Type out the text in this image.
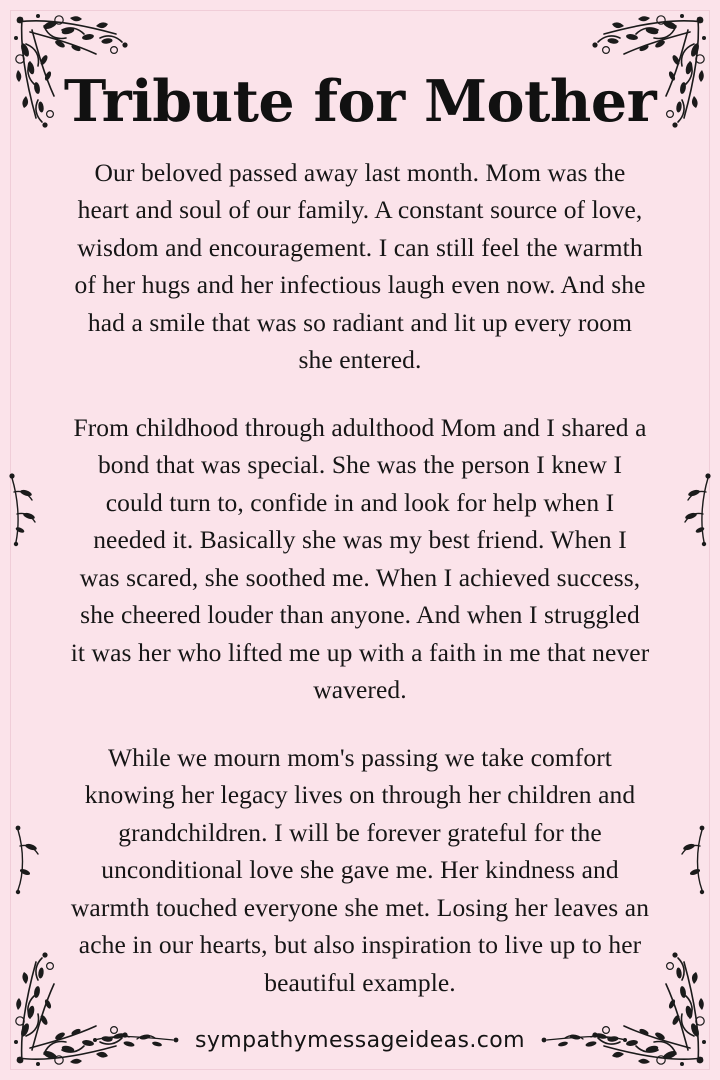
Tribute for Mother

Our beloved passed away last month. Mom was the heart and soul of our family. A constant source of love, wisdom and encouragement. I can still feel the warmth of her hugs and her infectious laugh even now. And she had a smile that was so radiant and lit up every room she entered.

From childhood through adulthood Mom and I shared a bond that was special. She was the person I knew I could turn to, confide in and look for help when I needed it. Basically she was my best friend. When I was scared, she soothed me. When I achieved success, she cheered louder than anyone. And when I struggled it was her who lifted me up with a faith in me that never wavered.

While we mourn mom's passing we take comfort knowing her legacy lives on through her children and grandchildren. I will be forever grateful for the unconditional love she gave me. Her kindness and warmth touched everyone she met. Losing her leaves an ache in our hearts, but also inspiration to live up to her beautiful example.

sympathymessageideas.com
